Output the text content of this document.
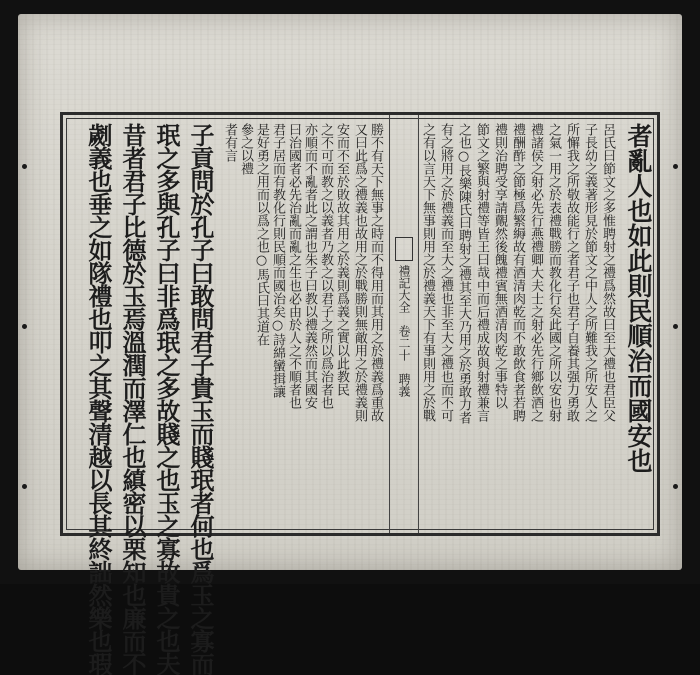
者亂人也如此則民順治而國安也
呂氏曰節文之多惟聘射之禮爲然故曰至大禮也君臣父
子長幼之義著形見於節文之中人之所難我之所安人之
所懈我之所敬故能行之者君子也君子自養其强力勇敢
之氣一用之於表禮戰勝而教化行矣此國之所以安也射
禮諸侯之射必先行燕禮卿大夫士之射必先行鄉飲酒之
禮酬酢之節極爲繁縟故有酒清肉乾而不敢飲食者若聘
禮則治聘受享請覿然後餽禮賓無酒清肉乾之事特以
節文之繁與射禮等皆王曰哉中而后禮成故與射禮兼言
之也○長樂陳氏曰聘射之禮其至大乃用之於勇敢力者
有之將用之於禮義而至大之禮也非至大之禮也而不可
之有以言天下無事則用之於禮義天下有事則用之於戰
禮記大全　卷二十　聘義
勝不有天下無事之時而不得用而其用之於禮義爲重故
又曰此爲之禮義也故用之於戰勝則無敵用之於禮義則
安而不至於敗故其用之於義則爲義之實以此教民
之不可而教之以義者乃教之以君子之所以爲治者也
亦順而不亂者此之謂也朱子曰教以禮義然而其國安
曰治國者必先治亂而亂之生也必由於人之不順者也
君子居而有教化行則民順而國治矣○詩綿蠻揖讓
是好勇之用而以爲之也○馬氏曰其道在
參之以禮
者有言
子貢問於孔子曰敢問君子貴玉而賤珉者何也爲玉之寡而
珉之多與孔子曰非爲珉之多故賤之也玉之寡故貴之也夫
昔者君子比德於玉焉溫潤而澤仁也縝密以栗知也廉而不
劌義也垂之如隊禮也叩之其聲清越以長其終詘然樂也瑕
